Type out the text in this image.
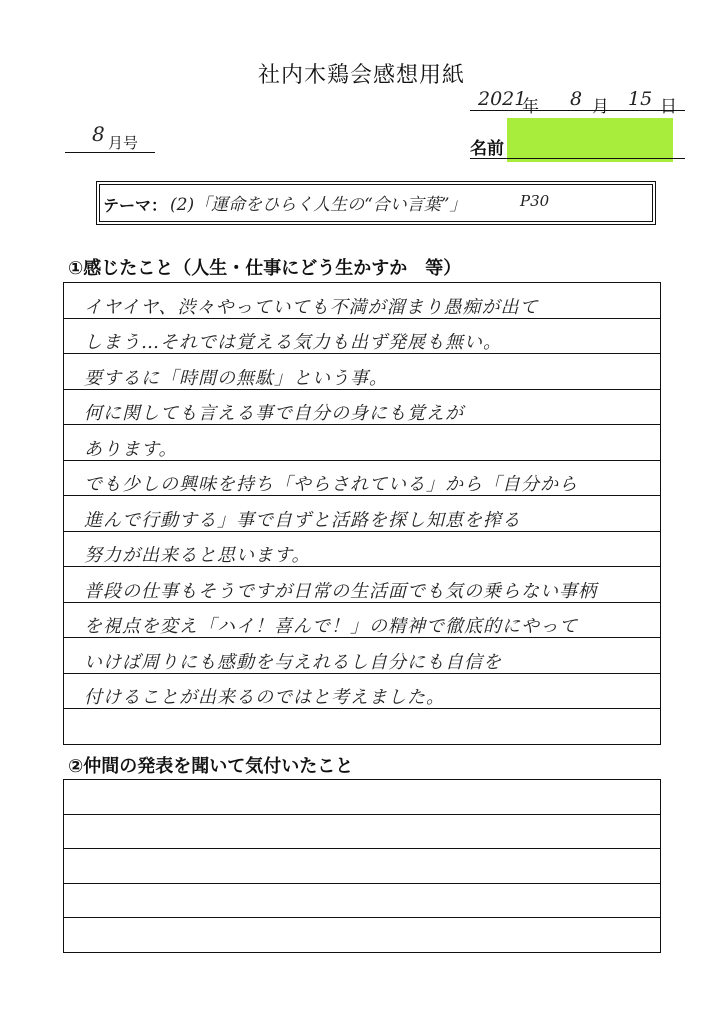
社内木鶏会感想用紙
2021
年 8 月 15 日
8 月号	名前
テーマ： (2)「運命をひらく人生の“合い言葉”」	P30
①感じたこと（人生・仕事にどう生かすか　等）
イヤイヤ、渋々やっていても不満が溜まり愚痴が出て
しまう…それでは覚える気力も出ず発展も無い。
要するに「時間の無駄」という事。
何に関しても言える事で自分の身にも覚えが
あります。
でも少しの興味を持ち「やらされている」から「自分から
進んで行動する」事で自ずと活路を探し知恵を搾る
努力が出来ると思います。
普段の仕事もそうですが日常の生活面でも気の乗らない事柄
を視点を変え「ハイ！喜んで！」の精神で徹底的にやって
いけば周りにも感動を与えれるし自分にも自信を
付けることが出来るのではと考えました。
②仲間の発表を聞いて気付いたこと
